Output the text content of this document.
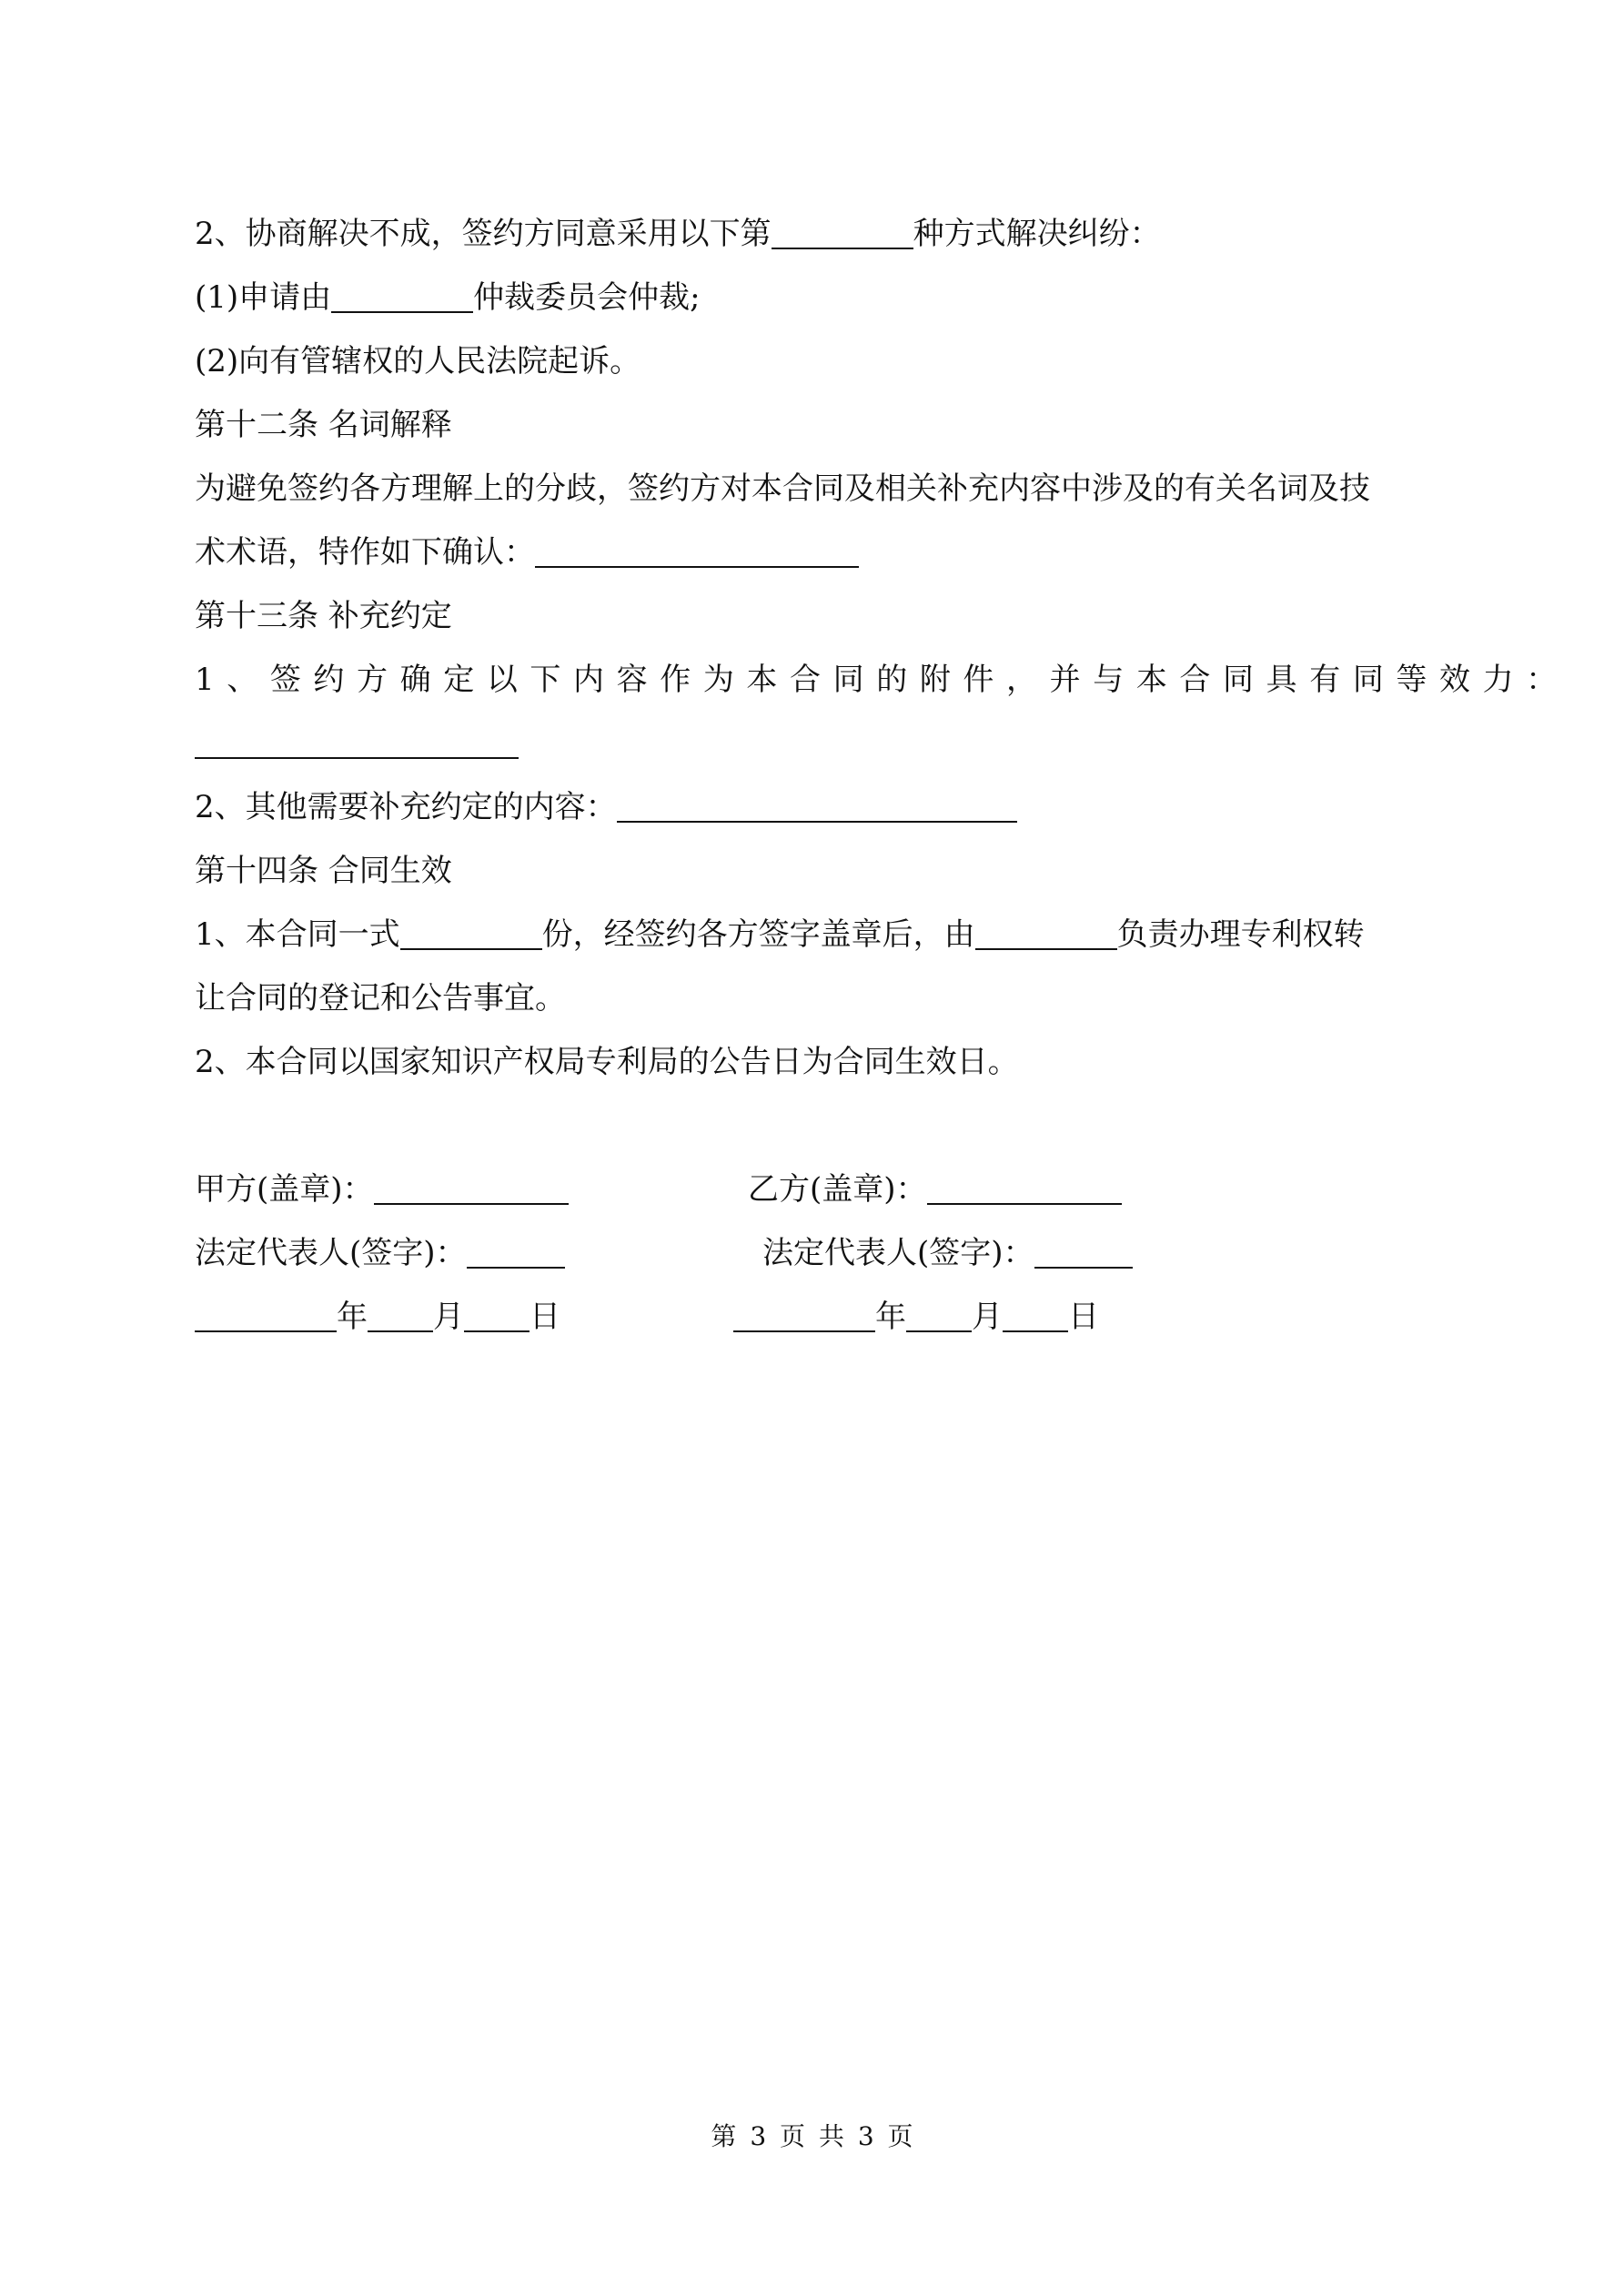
2、协商解决不成，签约方同意采用以下第	种方式解决纠纷：
(1)申请由	仲裁委员会仲裁;
(2)向有管辖权的人民法院起诉。
第十二条 名词解释
为避免签约各方理解上的分歧，签约方对本合同及相关补充内容中涉及的有关名词及技
术术语，特作如下确认：
第十三条 补充约定
1、签约方确定以下内容作为本合同的附件，并与本合同具有同等效力：
2、其他需要补充约定的内容：
第十四条 合同生效
1、本合同一式	份，经签约各方签字盖章后，由	负责办理专利权转
让合同的登记和公告事宜。
2、本合同以国家知识产权局专利局的公告日为合同生效日。
甲方(盖章)：	乙方(盖章)：
法定代表人(签字)：	法定代表人(签字)：
年 月 日	年 月 日
第 3 页 共 3 页
